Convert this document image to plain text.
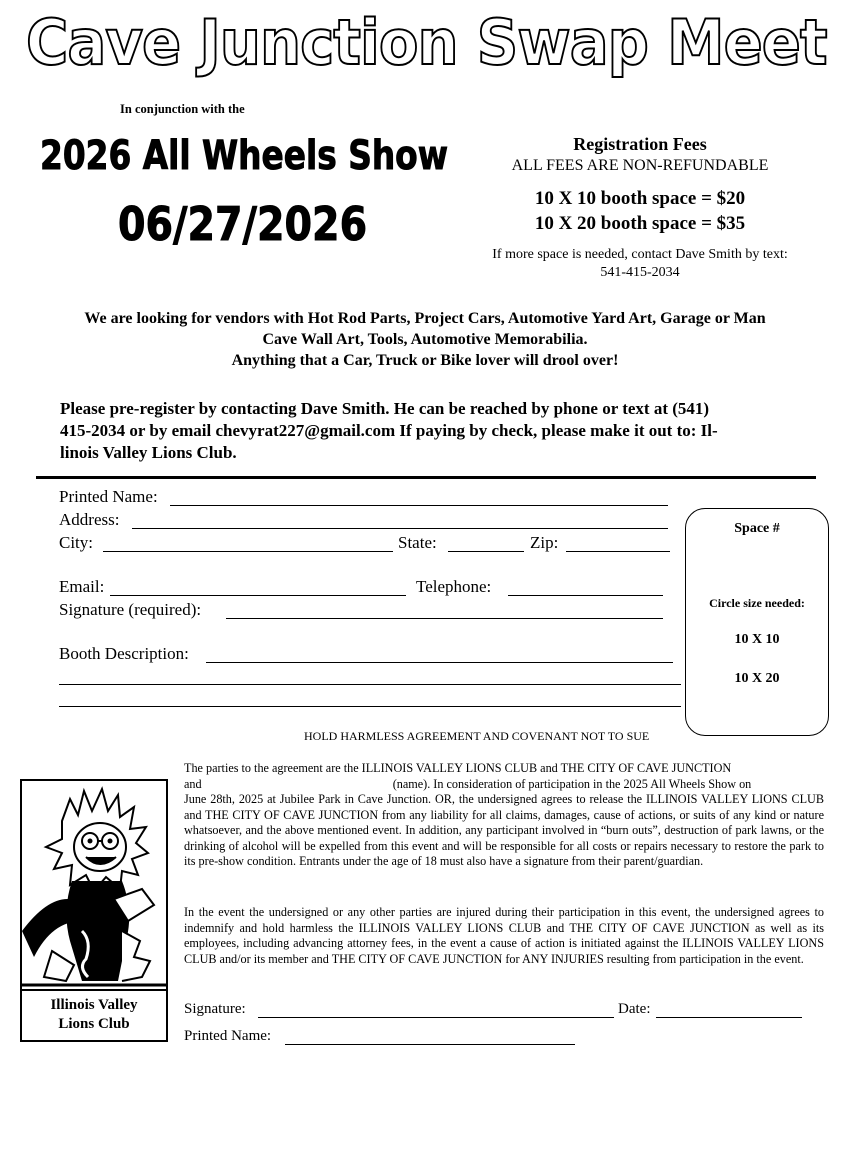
Cave Junction Swap Meet
In conjunction with the
2026 All Wheels Show
06/27/2026
Registration Fees
ALL FEES ARE NON-REFUNDABLE
10 X 10 booth space = $20
10 X 20 booth space = $35
If more space is needed, contact Dave Smith by text:
541-415-2034
We are looking for vendors with Hot Rod Parts, Project Cars, Automotive Yard Art, Garage or Man
Cave Wall Art, Tools, Automotive Memorabilia.
Anything that a Car, Truck or Bike lover will drool over!
Please pre-register by contacting Dave Smith. He can be reached by phone or text at (541)
415-2034 or by email chevyrat227@gmail.com If paying by check, please make it out to: Il-
linois Valley Lions Club.
Printed Name:
Address:
City:	State:	Zip:
Email:	Telephone:
Signature (required):
Booth Description:
Space #
Circle size needed:
10 X 10
10 X 20
HOLD HARMLESS AGREEMENT AND COVENANT NOT TO SUE
The parties to the agreement are the ILLINOIS VALLEY LIONS CLUB and THE CITY OF CAVE JUNCTION
and	(name). In consideration of participation in the 2025 All Wheels Show on
June 28th, 2025 at Jubilee Park in Cave Junction. OR, the undersigned agrees to release the ILLINOIS VALLEY LIONS CLUB and THE CITY OF CAVE JUNCTION from any liability for all claims, damages, cause of actions, or suits of any kind or nature whatsoever, and the above mentioned event. In addition, any participant involved in “burn outs”, destruction of park lawns, or the drinking of alcohol will be expelled from this event and will be responsible for all costs or repairs necessary to restore the park to its pre-show condition. Entrants under the age of 18 must also have a signature from their parent/guardian.
In the event the undersigned or any other parties are injured during their participation in this event, the undersigned agrees to indemnify and hold harmless the ILLINOIS VALLEY LIONS CLUB and THE CITY OF CAVE JUNCTION as well as its employees, including advancing attorney fees, in the event a cause of action is initiated against the ILLINOIS VALLEY LIONS CLUB and/or its member and THE CITY OF CAVE JUNCTION for ANY INJURIES resulting from participation in the event.
Signature:	Date:
Printed Name:
Illinois Valley
Lions Club
